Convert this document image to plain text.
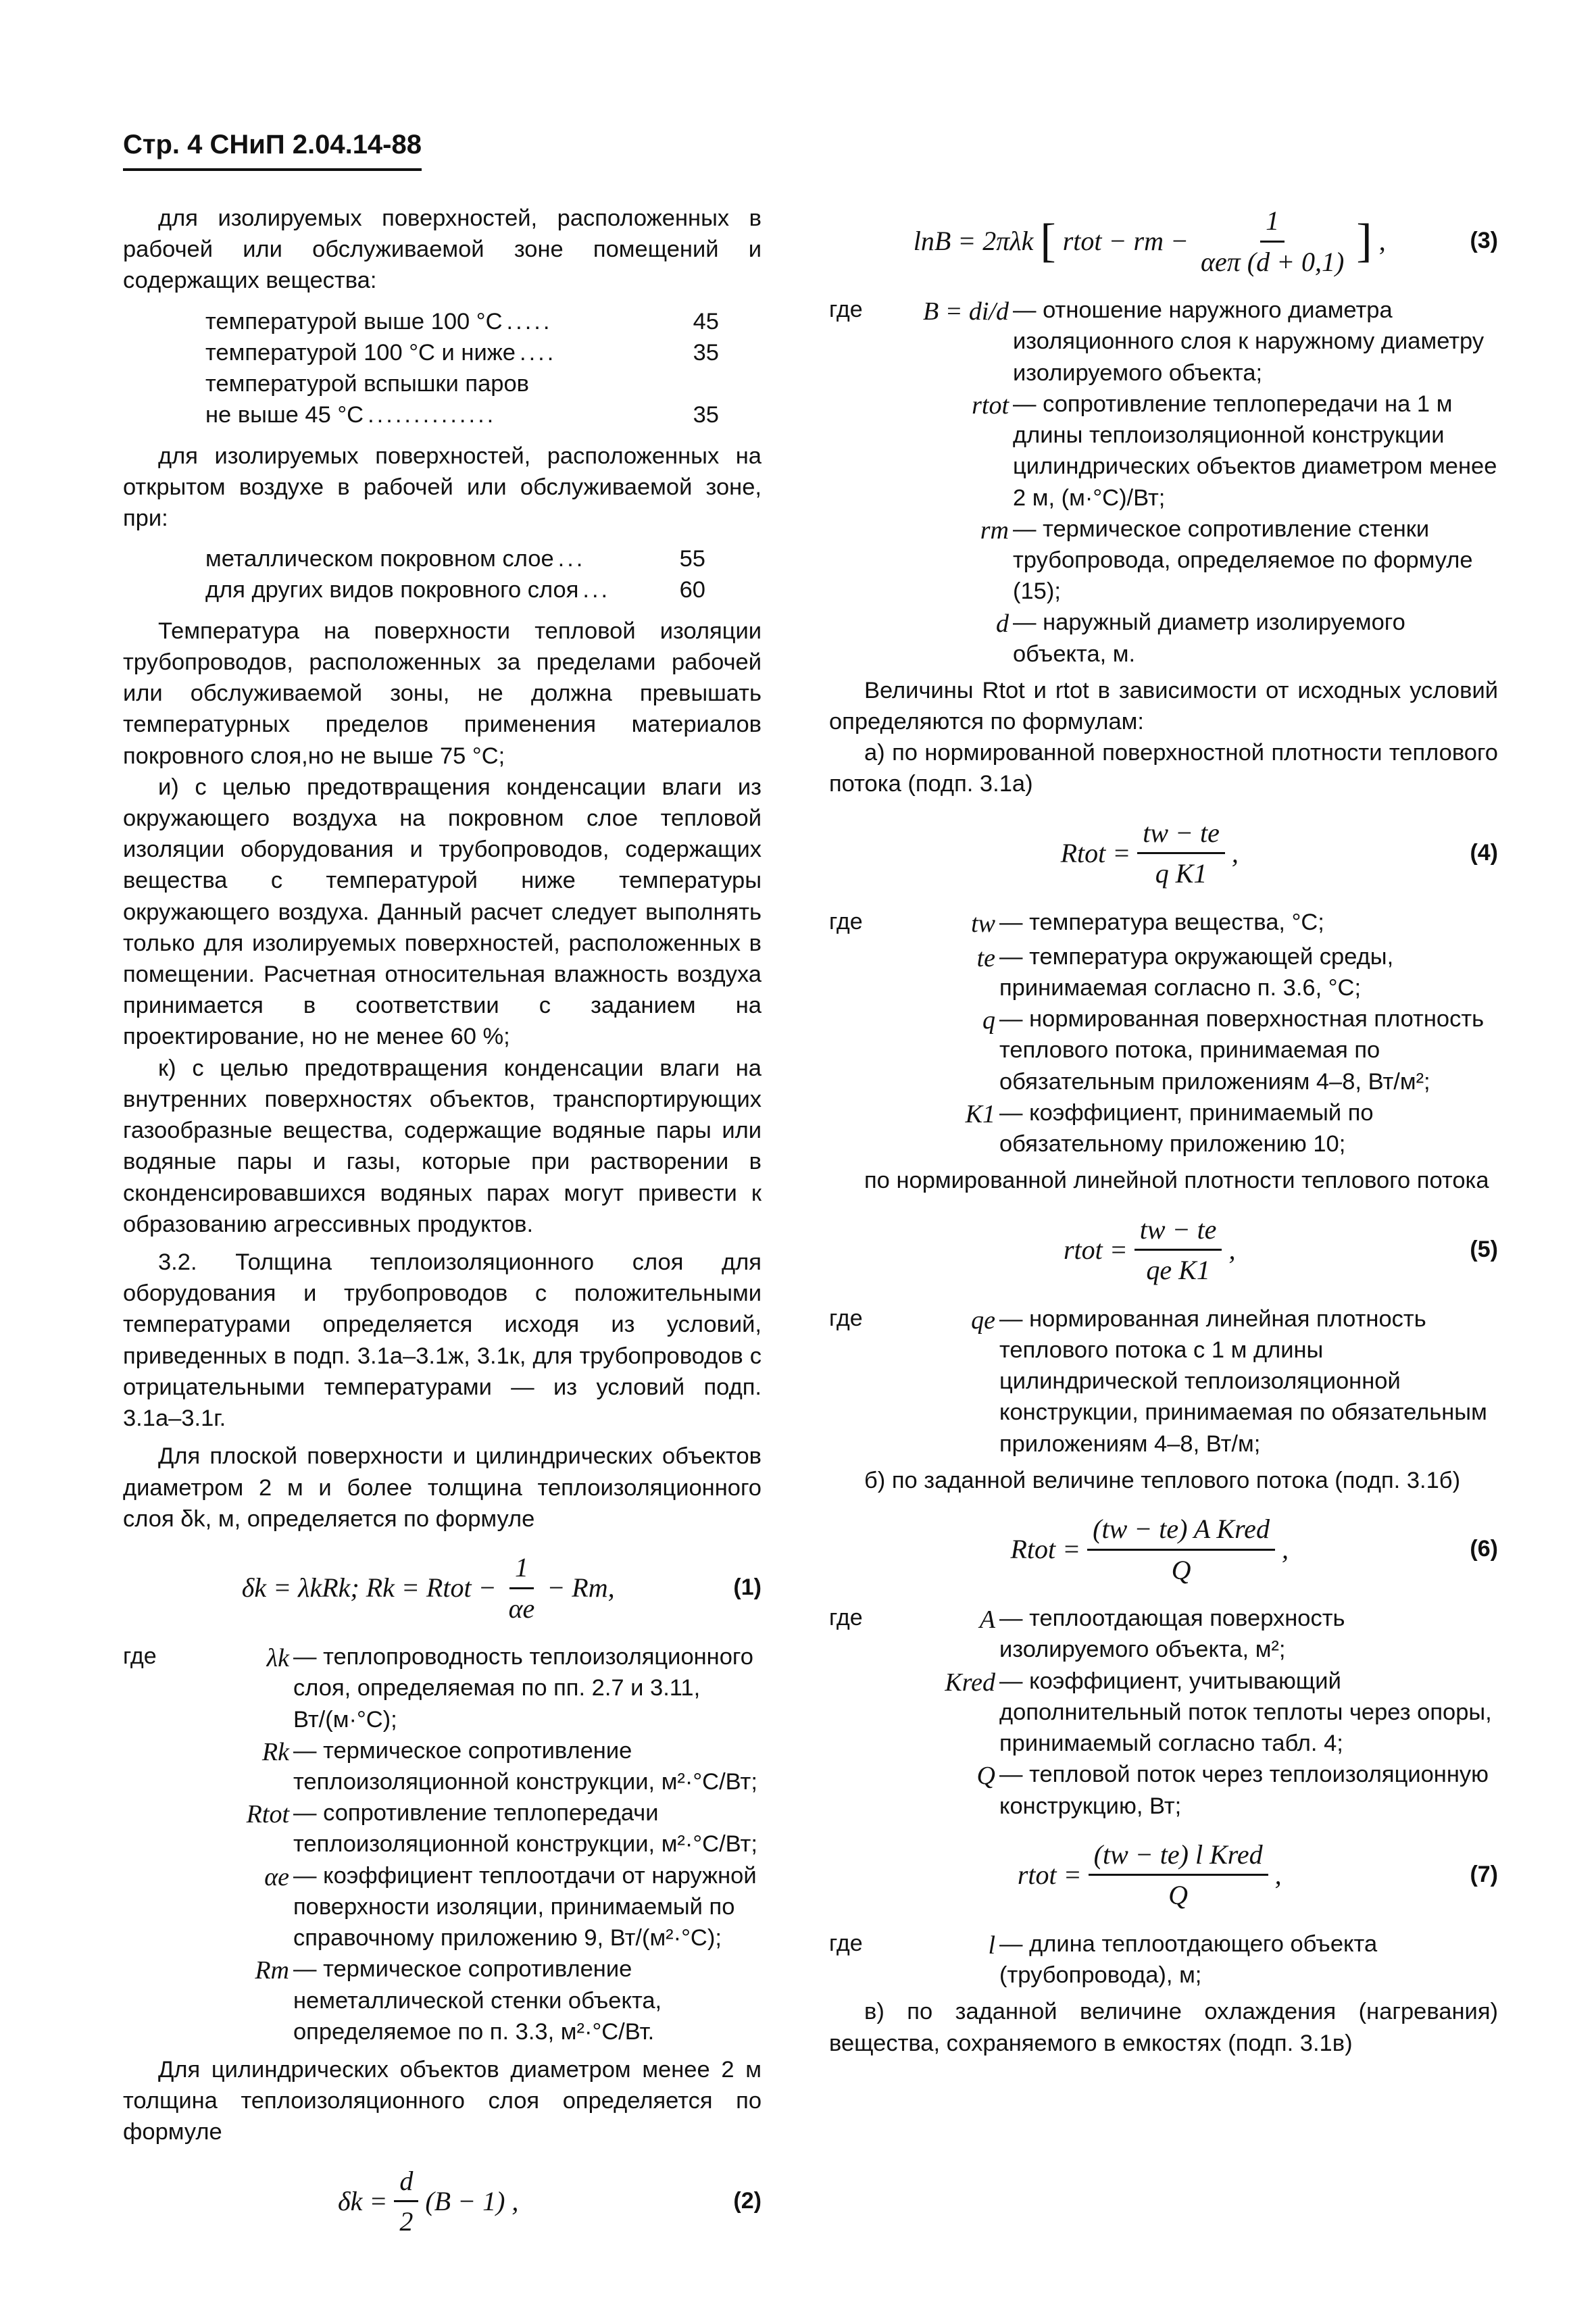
Стр. 4 СНиП 2.04.14-88

для изолируемых поверхностей, расположенных в рабочей или обслуживаемой зоне помещений и содержащих вещества:

температурой выше 100 °С .....	45
температурой 100 °С и ниже ....	35
температурой вспышки паров
не выше 45 °С ..............	35

для изолируемых поверхностей, расположенных на открытом воздухе в рабочей или обслуживаемой зоне, при:

металлическом покровном слое ...	55
для других видов покровного слоя ...	60

Температура на поверхности тепловой изоляции трубопроводов, расположенных за пределами рабочей или обслуживаемой зоны, не должна превышать температурных пределов применения материалов покровного слоя,но не выше 75 °С;

и) с целью предотвращения конденсации влаги из окружающего воздуха на покровном слое тепловой изоляции оборудования и трубопроводов, содержащих вещества с температурой ниже температуры окружающего воздуха. Данный расчет следует выполнять только для изолируемых поверхностей, расположенных в помещении. Расчетная относительная влажность воздуха принимается в соответствии с заданием на проектирование, но не менее 60 %;

к) с целью предотвращения конденсации влаги на внутренних поверхностях объектов, транспортирующих газообразные вещества, содержащие водяные пары или водяные пары и газы, которые при растворении в сконденсировавшихся водяных парах могут привести к образованию агрессивных продуктов.

3.2. Толщина теплоизоляционного слоя для оборудования и трубопроводов с положительными температурами определяется исходя из условий, приведенных в подп. 3.1а–3.1ж, 3.1к, для трубопроводов с отрицательными температурами — из условий подп. 3.1а–3.1г.

Для плоской поверхности и цилиндрических объектов диаметром 2 м и более толщина теплоизоляционного слоя δk, м, определяется по формуле

δk = λkRk; Rk = Rtot − $\frac{1}{\alpha e} - Rm$,	(1)
где	λk — теплопроводность теплоизоляционного слоя, определяемая по пп. 2.7 и 3.11, Вт/(м·°С);
Rk — термическое сопротивление теплоизоляционной конструкции, м²·°С/Вт;
Rtot — сопротивление теплопередачи теплоизоляционной конструкции, м²·°С/Вт;
αe — коэффициент теплоотдачи от наружной поверхности изоляции, принимаемый по справочному приложению 9, Вт/(м²·°С);
Rm — термическое сопротивление неметаллической стенки объекта, определяемое по п. 3.3, м²·°С/Вт.

Для цилиндрических объектов диаметром менее 2 м толщина теплоизоляционного слоя определяется по формуле

$\delta k = \frac{d}{2} (B - 1)$ ,	(2)
lnB = 2πλk [ rtot − rm − $\frac{1}{\text{αeπ (d + 0,1)}}$ ] ,	(3)
где	B = di/d — отношение наружного диаметра изоляционного слоя к наружному диаметру изолируемого объекта;
rtot — сопротивление теплопередачи на 1 м длины теплоизоляционной конструкции цилиндрических объектов диаметром менее 2 м, (м·°С)/Вт;
rm — термическое сопротивление стенки трубопровода, определяемое по формуле (15);
d — наружный диаметр изолируемого объекта, м.

Величины Rtot и rtot в зависимости от исходных условий определяются по формулам:

а) по нормированной поверхностной плотности теплового потока (подп. 3.1а)

Rtot = $\frac{tw - te}{\text{q K1}}$ ,	(4)
где	tw — температура вещества, °С;
te — температура окружающей среды, принимаемая согласно п. 3.6, °С;
q — нормированная поверхностная плотность теплового потока, принимаемая по обязательным приложениям 4–8, Вт/м²;
K1 — коэффициент, принимаемый по обязательному приложению 10;

по нормированной линейной плотности теплового потока

rtot = $\frac{tw - te}{\text{qe K1}}$ ,	(5)
где	qe — нормированная линейная плотность теплового потока с 1 м длины цилиндрической теплоизоляционной конструкции, принимаемая по обязательным приложениям 4–8, Вт/м;

б) по заданной величине теплового потока (подп. 3.1б)

Rtot = $\frac{\text{(tw − te) A Kred}}{Q}$ ,	(6)
где	A — теплоотдающая поверхность изолируемого объекта, м²;
Kred — коэффициент, учитывающий дополнительный поток теплоты через опоры, принимаемый согласно табл. 4;
Q — тепловой поток через теплоизоляционную конструкцию, Вт;
rtot = $\frac{\text{(tw − te) l Kred}}{Q}$ ,	(7)
где	l — длина теплоотдающего объекта (трубопровода), м;

в) по заданной величине охлаждения (нагревания) вещества, сохраняемого в емкостях (подп. 3.1в)
